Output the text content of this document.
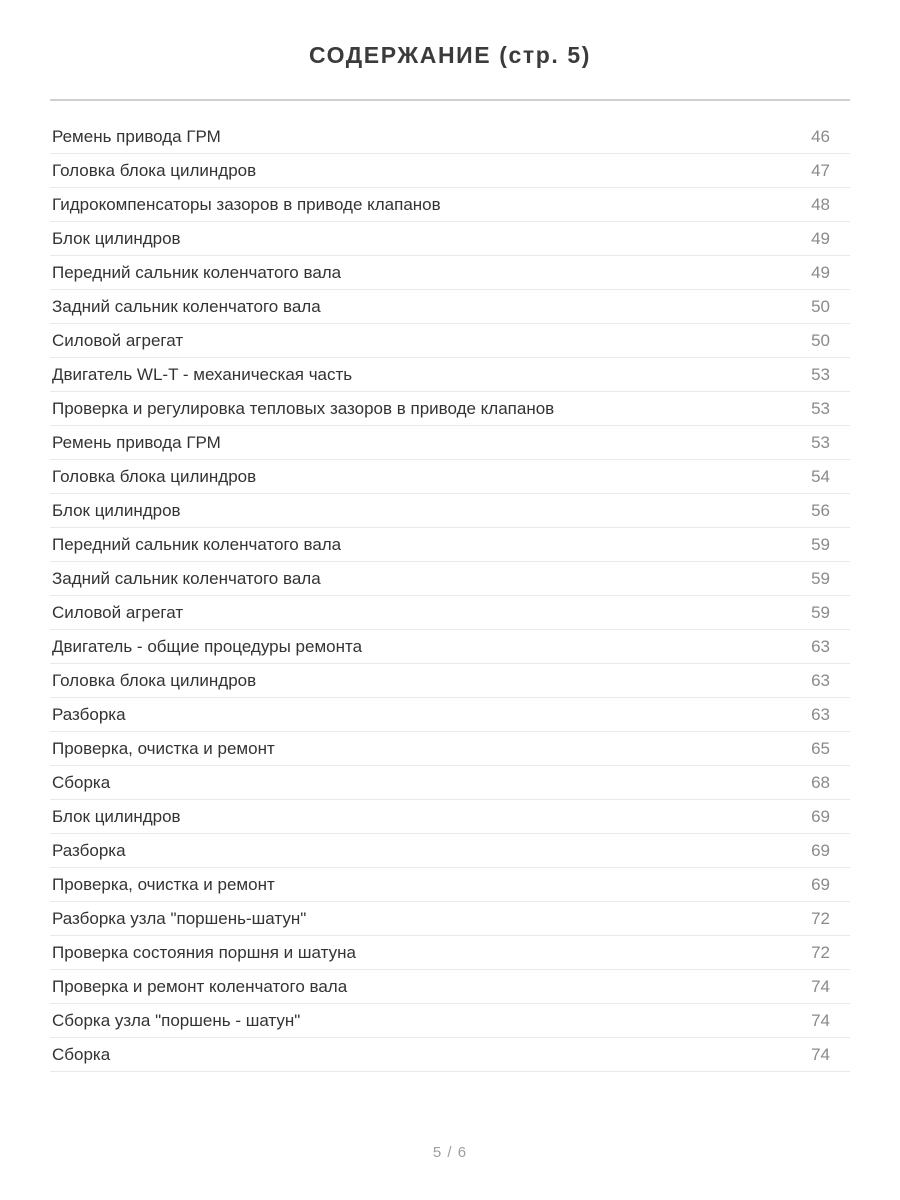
СОДЕРЖАНИЕ (стр. 5)
Ремень привода ГРМ	46
Головка блока цилиндров	47
Гидрокомпенсаторы зазоров в приводе клапанов	48
Блок цилиндров	49
Передний сальник коленчатого вала	49
Задний сальник коленчатого вала	50
Силовой агрегат	50
Двигатель WL-T - механическая часть	53
Проверка и регулировка тепловых зазоров в приводе клапанов	53
Ремень привода ГРМ	53
Головка блока цилиндров	54
Блок цилиндров	56
Передний сальник коленчатого вала	59
Задний сальник коленчатого вала	59
Силовой агрегат	59
Двигатель - общие процедуры ремонта	63
Головка блока цилиндров	63
Разборка	63
Проверка, очистка и ремонт	65
Сборка	68
Блок цилиндров	69
Разборка	69
Проверка, очистка и ремонт	69
Разборка узла "поршень-шатун"	72
Проверка состояния поршня и шатуна	72
Проверка и ремонт коленчатого вала	74
Сборка узла "поршень - шатун"	74
Сборка	74
5 / 6
